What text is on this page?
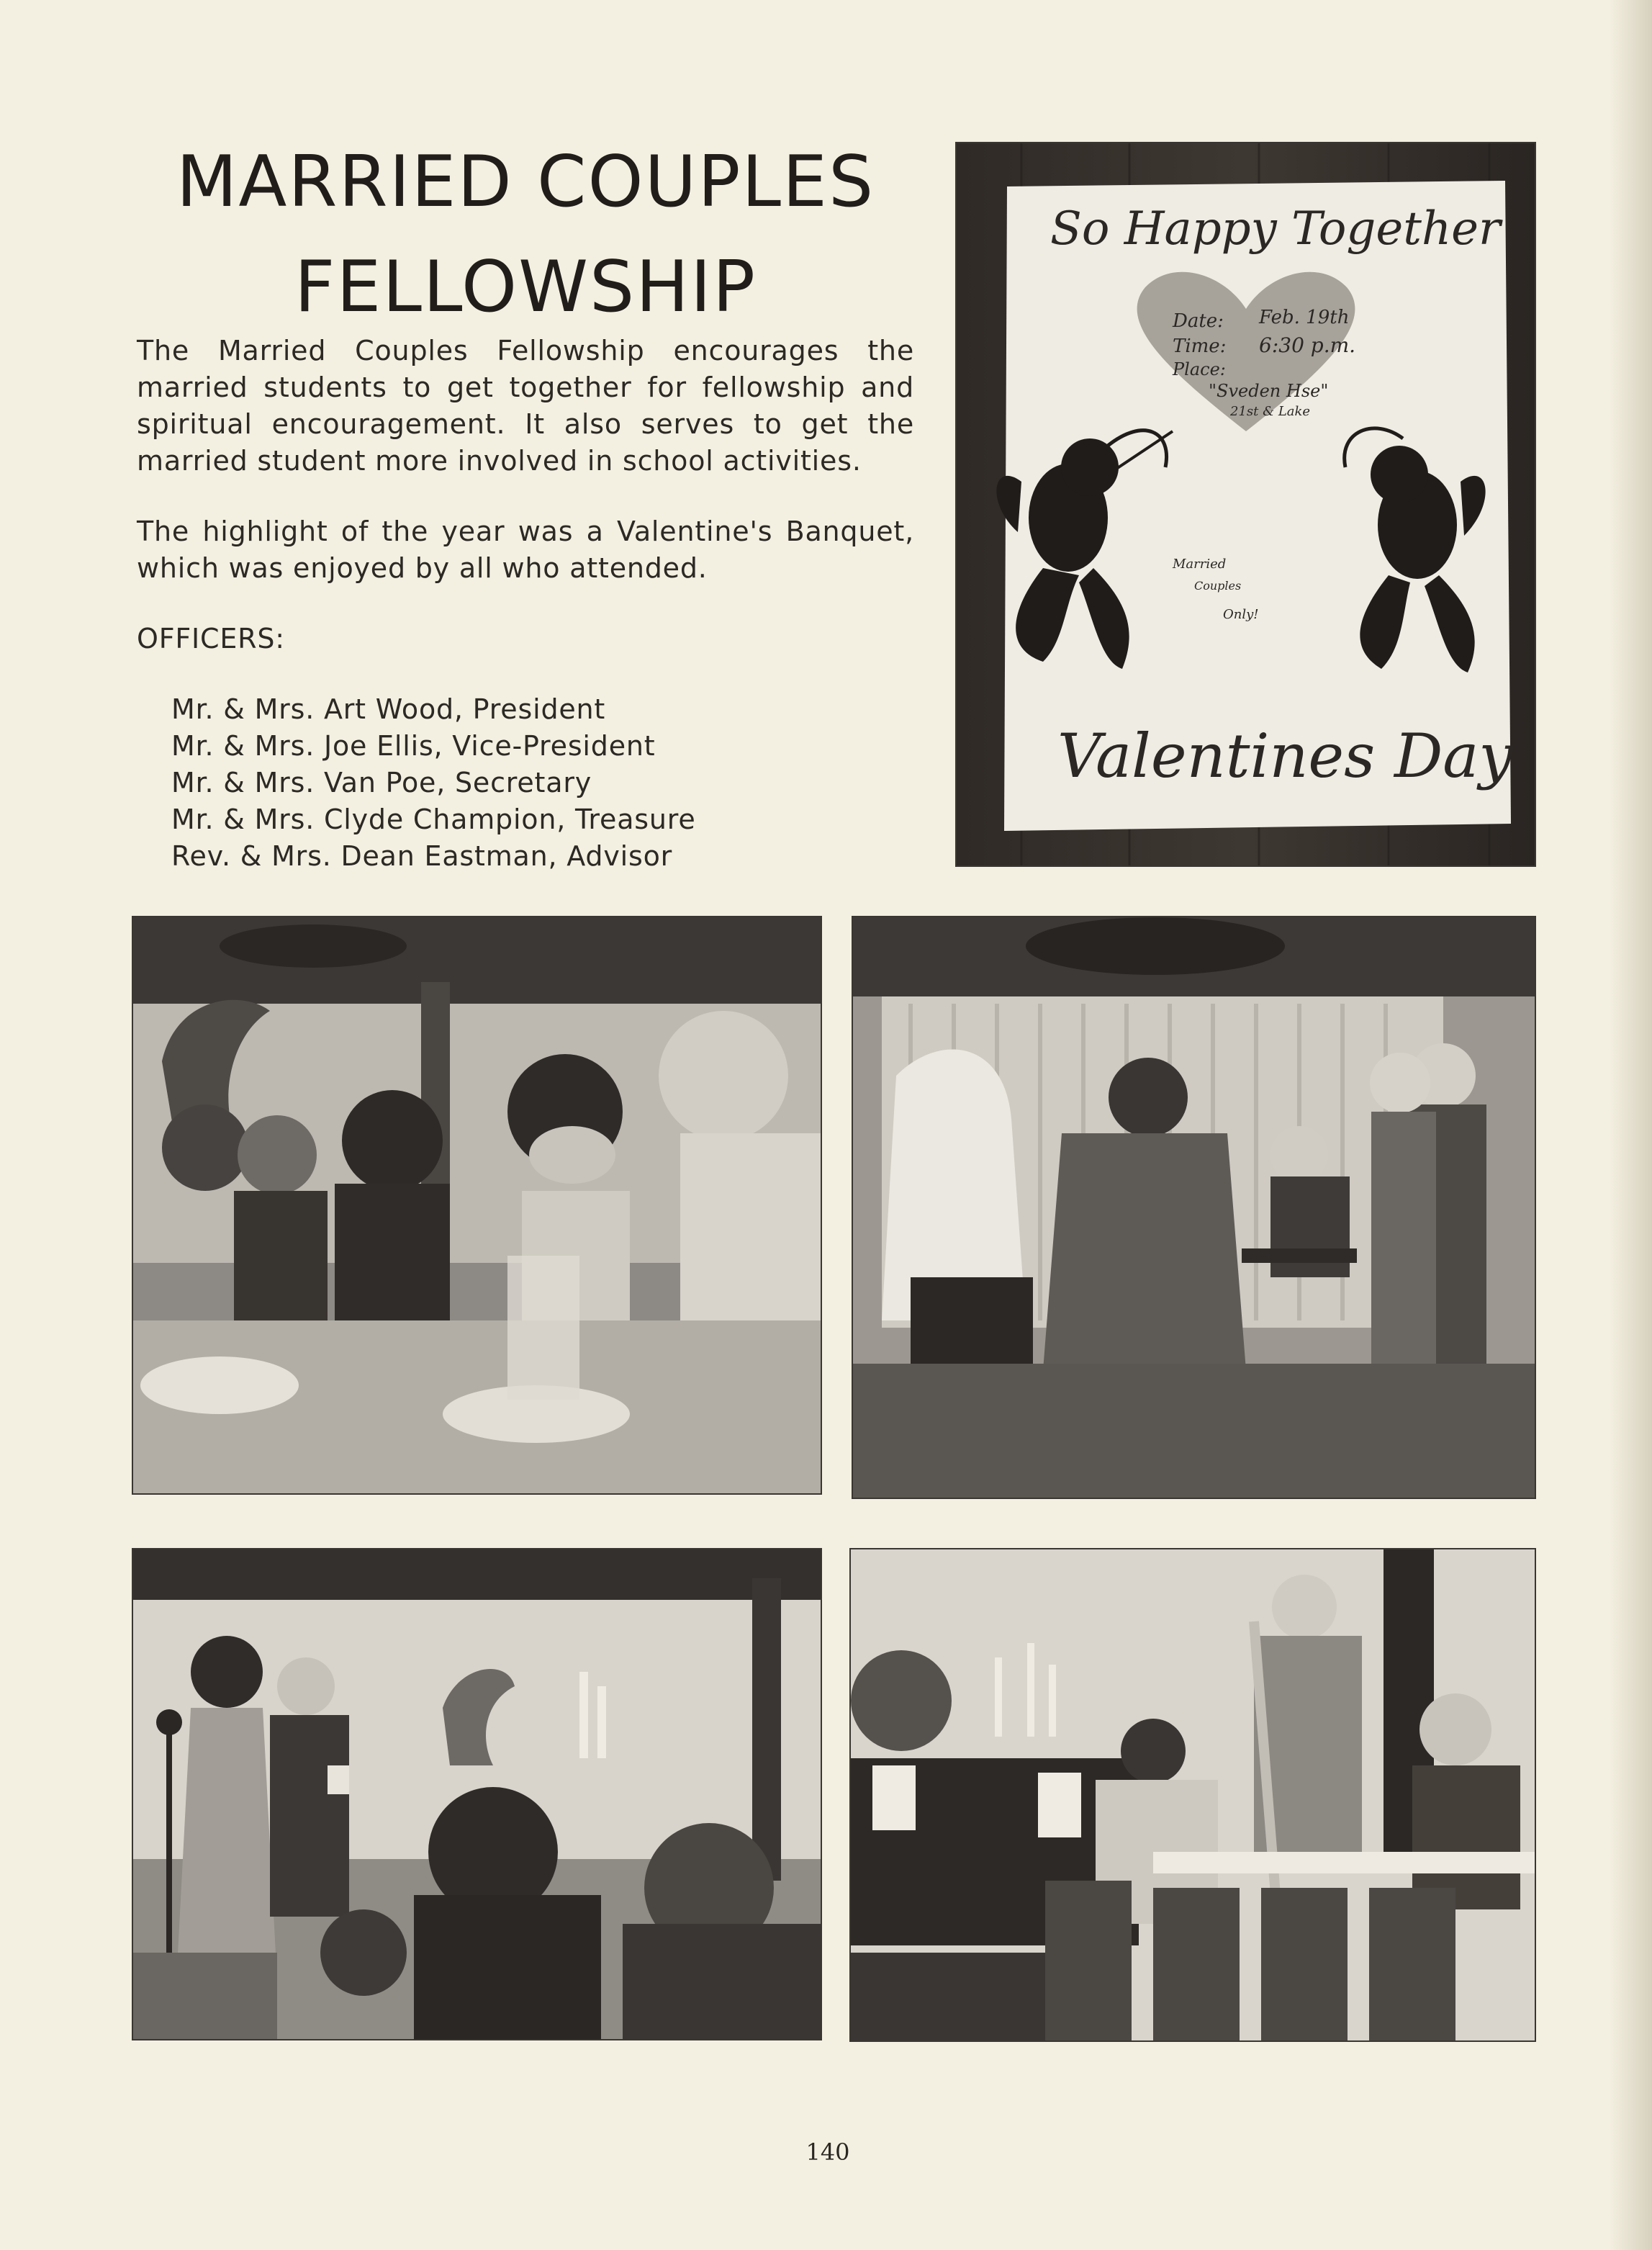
MARRIED COUPLES
FELLOWSHIP

The Married Couples Fellowship encourages the married students to get together for fellowship and spiritual encouragement. It also serves to get the married student more involved in school activities.

The highlight of the year was a Valentine's Banquet, which was enjoyed by all who attended.

OFFICERS:

Mr. & Mrs. Art Wood, President
Mr. & Mrs. Joe Ellis, Vice-President
Mr. & Mrs. Van Poe, Secretary
Mr. & Mrs. Clyde Champion, Treasure
Rev. & Mrs. Dean Eastman, Advisor
So Happy Together
Date: Feb. 19th
Time: 6:30 p.m.
Place:
"Sveden Hse"
21st & Lake
Married
Couples
Only!
Valentines Day
140
